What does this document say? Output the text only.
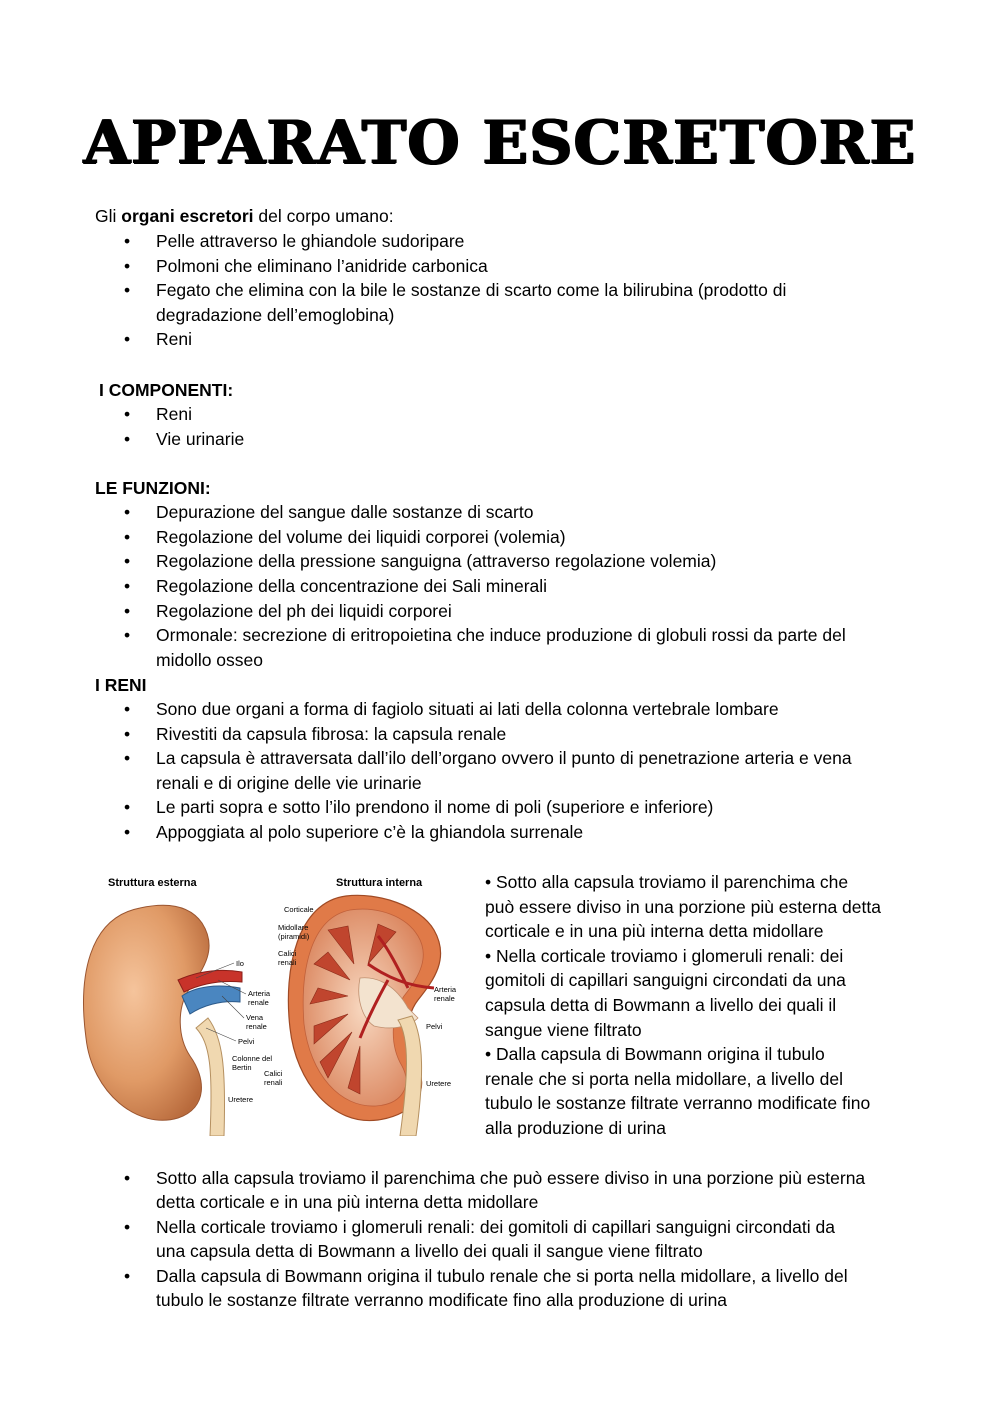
APPARATO ESCRETORE
Gli organi escretori del corpo umano:
• Pelle attraverso le ghiandole sudoripare
• Polmoni che eliminano l’anidride carbonica
• Fegato che elimina con la bile le sostanze di scarto come la bilirubina (prodotto di
degradazione dell’emoglobina)
• Reni
I COMPONENTI:
• Reni
• Vie urinarie
LE FUNZIONI:
• Depurazione del sangue dalle sostanze di scarto
• Regolazione del volume dei liquidi corporei (volemia)
• Regolazione della pressione sanguigna (attraverso regolazione volemia)
• Regolazione della concentrazione dei Sali minerali
• Regolazione del ph dei liquidi corporei
• Ormonale: secrezione di eritropoietina che induce produzione di globuli rossi da parte del
midollo osseo
I RENI
• Sono due organi a forma di fagiolo situati ai lati della colonna vertebrale lombare
• Rivestiti da capsula fibrosa: la capsula renale
• La capsula è attraversata dall’ilo dell’organo ovvero il punto di penetrazione arteria e vena
renali e di origine delle vie urinarie
• Le parti sopra e sotto l’ilo prendono il nome di poli (superiore e inferiore)
• Appoggiata al polo superiore c’è la ghiandola surrenale
Struttura esterna	Struttura interna
Ilo
Arteria
renale
Vena
renale
Pelvi
Colonne del
Bertin
Calici
renali
Uretere
Corticale
Midollare
(piramidi)
Calici
renali
Arteria
renale
Pelvi
Uretere
• Sotto alla capsula troviamo il parenchima che
può essere diviso in una porzione più esterna detta
corticale e in una più interna detta midollare
• Nella corticale troviamo i glomeruli renali: dei
gomitoli di capillari sanguigni circondati da una
capsula detta di Bowmann a livello dei quali il
sangue viene filtrato
• Dalla capsula di Bowmann origina il tubulo
renale che si porta nella midollare, a livello del
tubulo le sostanze filtrate verranno modificate fino
alla produzione di urina
• Sotto alla capsula troviamo il parenchima che può essere diviso in una porzione più esterna
detta corticale e in una più interna detta midollare
• Nella corticale troviamo i glomeruli renali: dei gomitoli di capillari sanguigni circondati da
una capsula detta di Bowmann a livello dei quali il sangue viene filtrato
• Dalla capsula di Bowmann origina il tubulo renale che si porta nella midollare, a livello del
tubulo le sostanze filtrate verranno modificate fino alla produzione di urina
